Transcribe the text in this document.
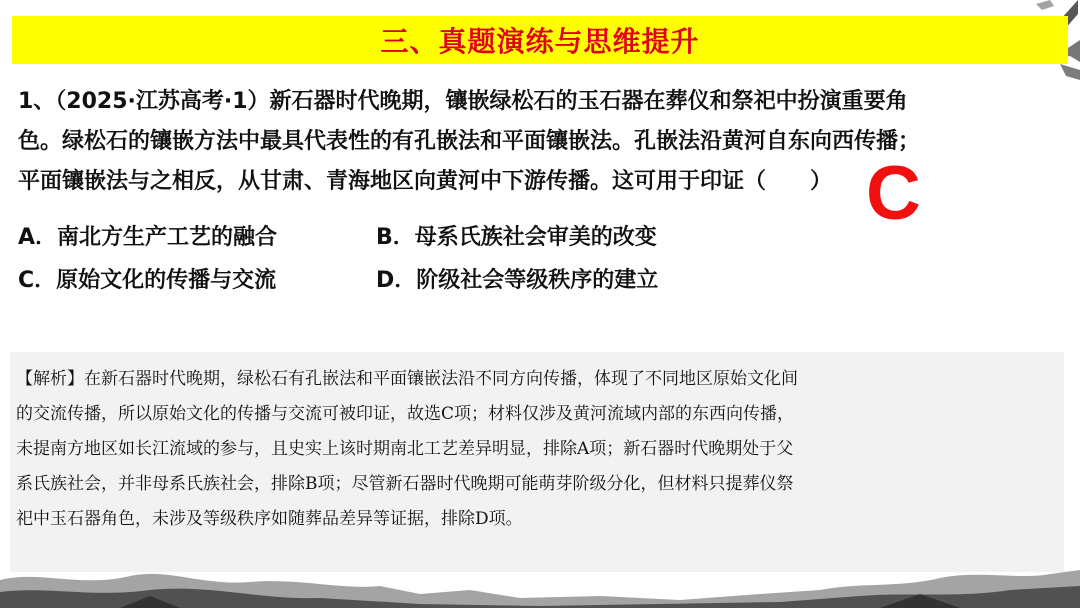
三、真题演练与思维提升
1、（2025·江苏高考·1）新石器时代晚期，镶嵌绿松石的玉石器在葬仪和祭祀中扮演重要角
色。绿松石的镶嵌方法中最具代表性的有孔嵌法和平面镶嵌法。孔嵌法沿黄河自东向西传播；
平面镶嵌法与之相反，从甘肃、青海地区向黄河中下游传播。这可用于印证（　　） C
A．南北方生产工艺的融合	B．母系氏族社会审美的改变
C．原始文化的传播与交流	D．阶级社会等级秩序的建立
【解析】在新石器时代晚期，绿松石有孔嵌法和平面镶嵌法沿不同方向传播，体现了不同地区原始文化间
的交流传播，所以原始文化的传播与交流可被印证，故选C项；材料仅涉及黄河流域内部的东西向传播，
未提南方地区如长江流域的参与，且史实上该时期南北工艺差异明显，排除A项；新石器时代晚期处于父
系氏族社会，并非母系氏族社会，排除B项；尽管新石器时代晚期可能萌芽阶级分化，但材料只提葬仪祭
祀中玉石器角色，未涉及等级秩序如随葬品差异等证据，排除D项。
